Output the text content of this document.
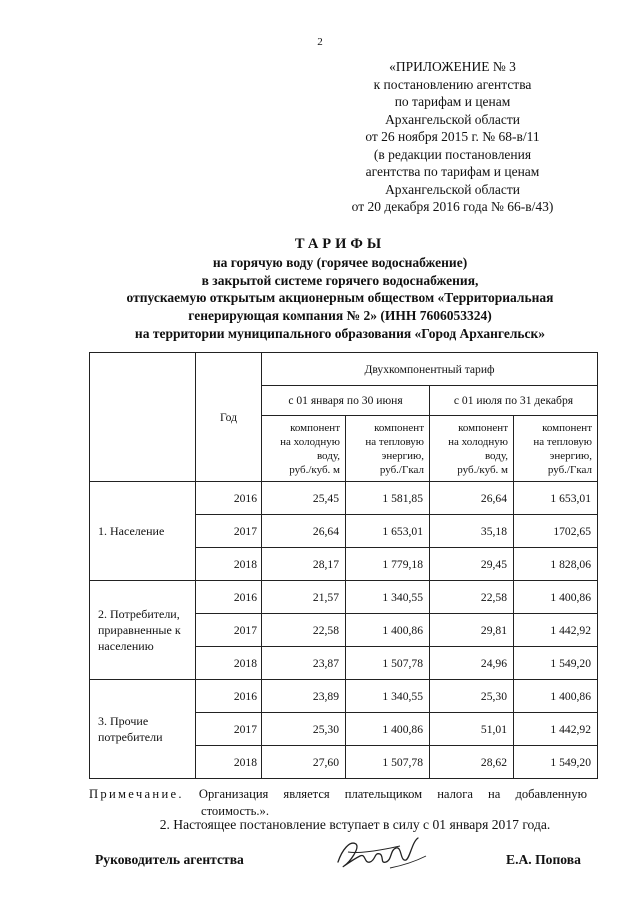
2
«ПРИЛОЖЕНИЕ № 3
к постановлению агентства
по тарифам и ценам
Архангельской области
от 26 ноября 2015 г. № 68-в/11
(в редакции постановления
агентства по тарифам и ценам
Архангельской области
от 20 декабря 2016 года № 66-в/43)
ТАРИФЫ
на горячую воду (горячее водоснабжение)
в закрытой системе горячего водоснабжения,
отпускаемую открытым акционерным обществом «Территориальная
генерирующая компания № 2» (ИНН 7606053324)
на территории муниципального образования «Город Архангельск»
	Год	Двухкомпонентный тариф			
		с 01 января по 30 июня		с 01 июля по 31 декабря	

		компонент
на холодную
воду,
руб./куб. м	компонент
на тепловую
энергию,
руб./Гкал	компонент
на холодную
воду,
руб./куб. м	компонент
на тепловую
энергию,
руб./Гкал

1. Население	2016	25,45	1 581,85	26,64	1 653,01
	2017	26,64	1 653,01	35,18	1702,65
	2018	28,17	1 779,18	29,45	1 828,06

2. Потребители,
приравненные к
населению	2016	21,57	1 340,55	22,58	1 400,86
	2017	22,58	1 400,86	29,81	1 442,92
	2018	23,87	1 507,78	24,96	1 549,20

3. Прочие
потребители	2016	23,89	1 340,55	25,30	1 400,86
	2017	25,30	1 400,86	51,01	1 442,92
	2018	27,60	1 507,78	28,62	1 549,20
Примечание. Организация является плательщиком налога на добавленную
стоимость.».
2. Настоящее постановление вступает в силу с 01 января 2017 года.
Руководитель агентства	Е.А. Попова
